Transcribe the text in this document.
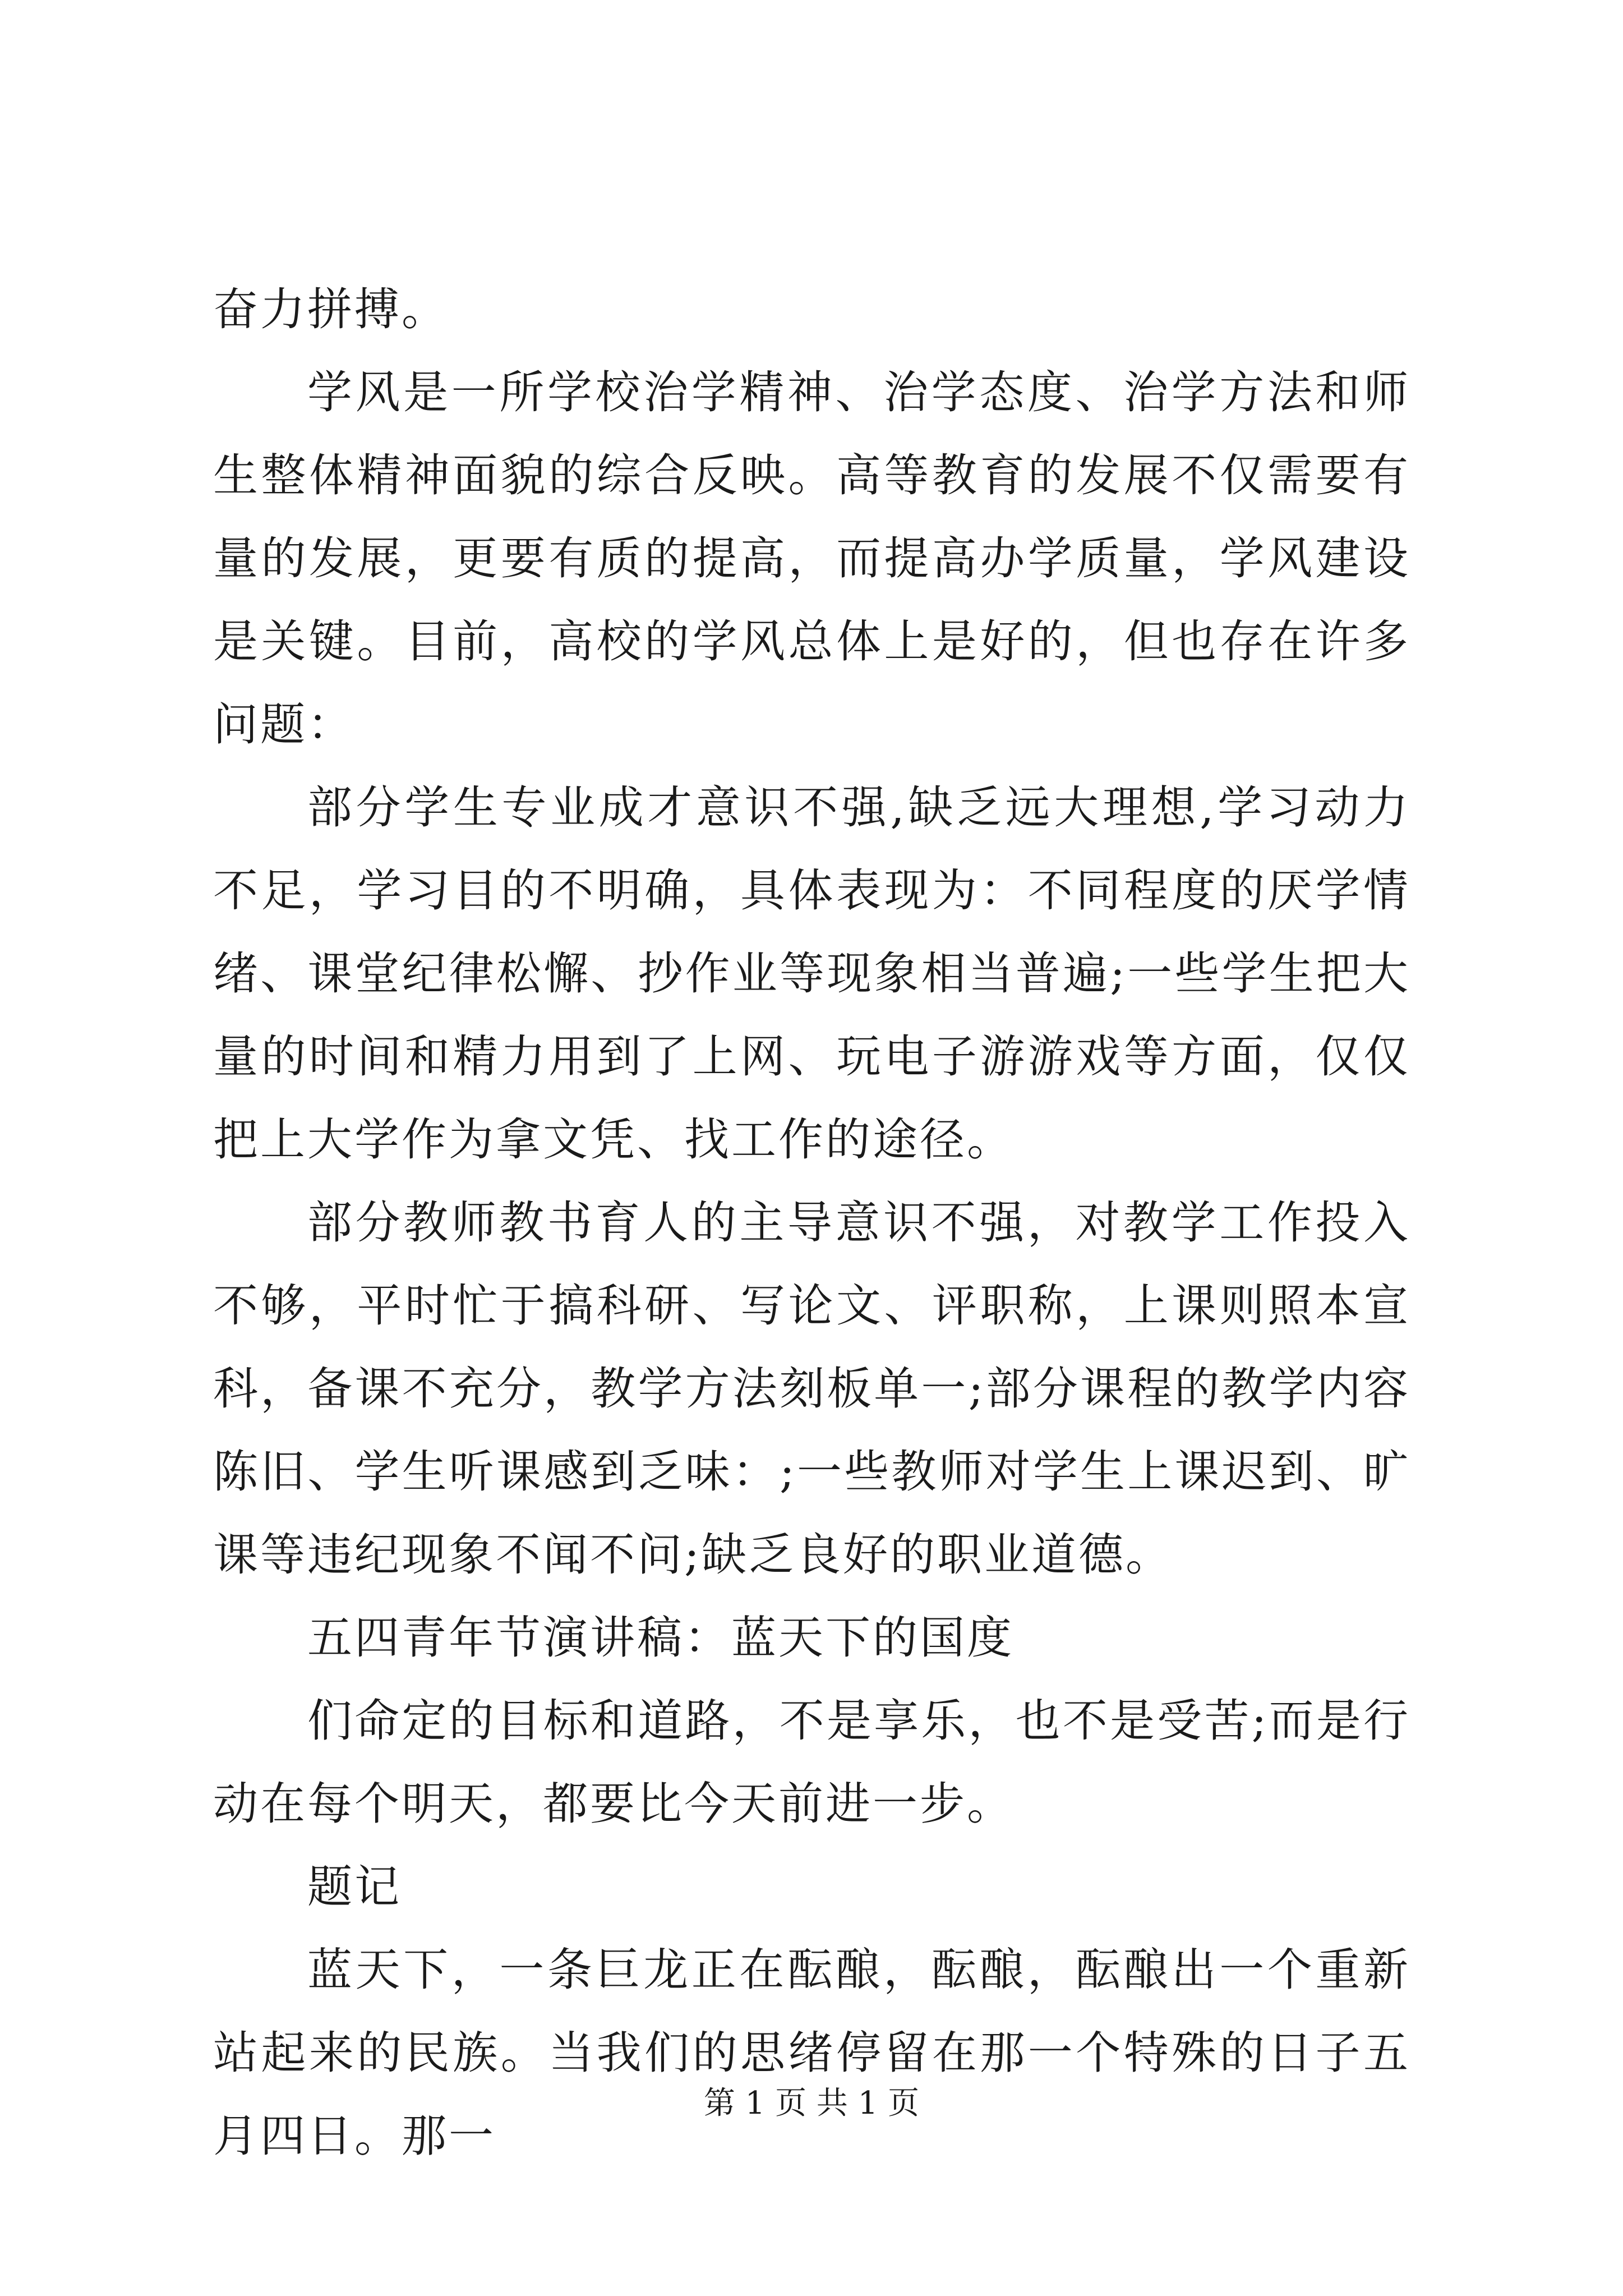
奋力拼搏。

学风是一所学校治学精神、治学态度、治学方法和师生整体精神面貌的综合反映。高等教育的发展不仅需要有量的发展，更要有质的提高，而提高办学质量，学风建设是关键。目前，高校的学风总体上是好的，但也存在许多问题：

部分学生专业成才意识不强,缺乏远大理想,学习动力不足，学习目的不明确，具体表现为：不同程度的厌学情绪、课堂纪律松懈、抄作业等现象相当普遍;一些学生把大量的时间和精力用到了上网、玩电子游游戏等方面，仅仅把上大学作为拿文凭、找工作的途径。

部分教师教书育人的主导意识不强，对教学工作投入不够，平时忙于搞科研、写论文、评职称，上课则照本宣科，备课不充分，教学方法刻板单一;部分课程的教学内容陈旧、学生听课感到乏味：;一些教师对学生上课迟到、旷课等违纪现象不闻不问;缺乏良好的职业道德。

五四青年节演讲稿：蓝天下的国度

们命定的目标和道路，不是享乐，也不是受苦;而是行动在每个明天，都要比今天前进一步。

题记

蓝天下，一条巨龙正在酝酿，酝酿，酝酿出一个重新站起来的民族。当我们的思绪停留在那一个特殊的日子五月四日。那一

第 1 页 共 1 页
